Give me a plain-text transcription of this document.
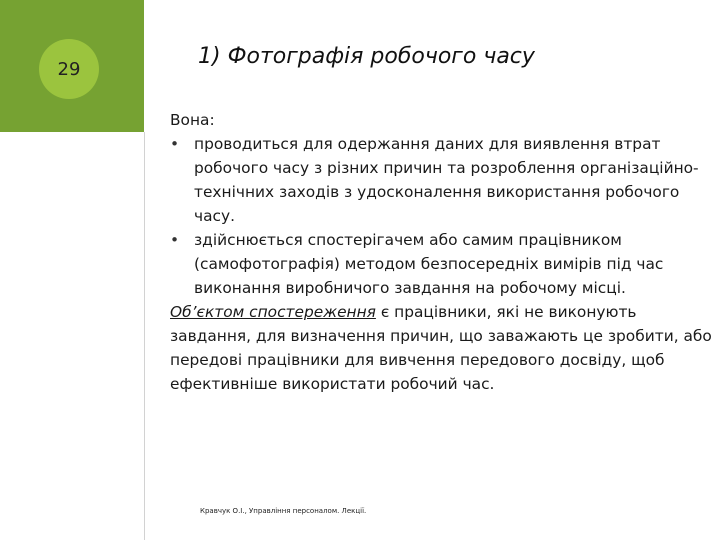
29	1) Фотографія робочого часу

Вона:

• проводиться для одержання даних для виявлення втрат робочого часу з різних причин та розроблення організаційно-технічних заходів з удосконалення використання робочого часу.
• здійснюється спостерігачем або самим працівником (самофотографія) методом безпосередніх вимірів під час виконання виробничого завдання на робочому місці.

Об’єктом спостереження є працівники, які не виконують завдання, для визначення причин, що заважають це зробити, або передові працівники для вивчення передового досвіду, щоб ефективніше використати робочий час.

Кравчук О.І., Управління персоналом. Лекції.
